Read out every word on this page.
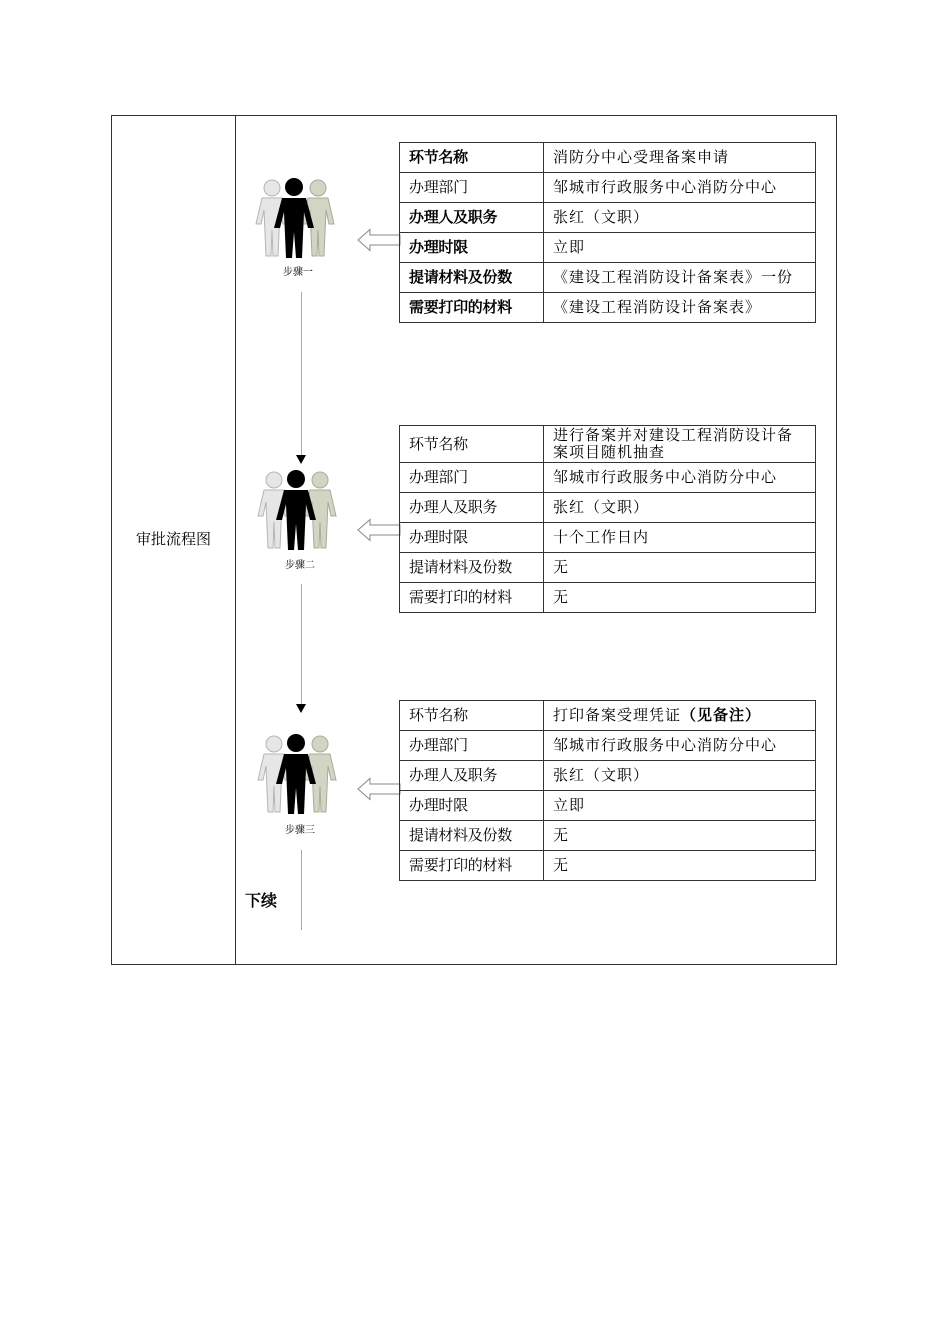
审批流程图
步骤一
环节名称	消防分中心受理备案申请
办理部门	邹城市行政服务中心消防分中心
办理人及职务	张红（文职）
办理时限	立即
提请材料及份数	《建设工程消防设计备案表》一份
需要打印的材料	《建设工程消防设计备案表》
步骤二
环节名称	进行备案并对建设工程消防设计备案项目随机抽查
办理部门	邹城市行政服务中心消防分中心
办理人及职务	张红（文职）
办理时限	十个工作日内
提请材料及份数	无
需要打印的材料	无
步骤三
环节名称	打印备案受理凭证（见备注）
办理部门	邹城市行政服务中心消防分中心
办理人及职务	张红（文职）
办理时限	立即
提请材料及份数	无
需要打印的材料	无
下续
